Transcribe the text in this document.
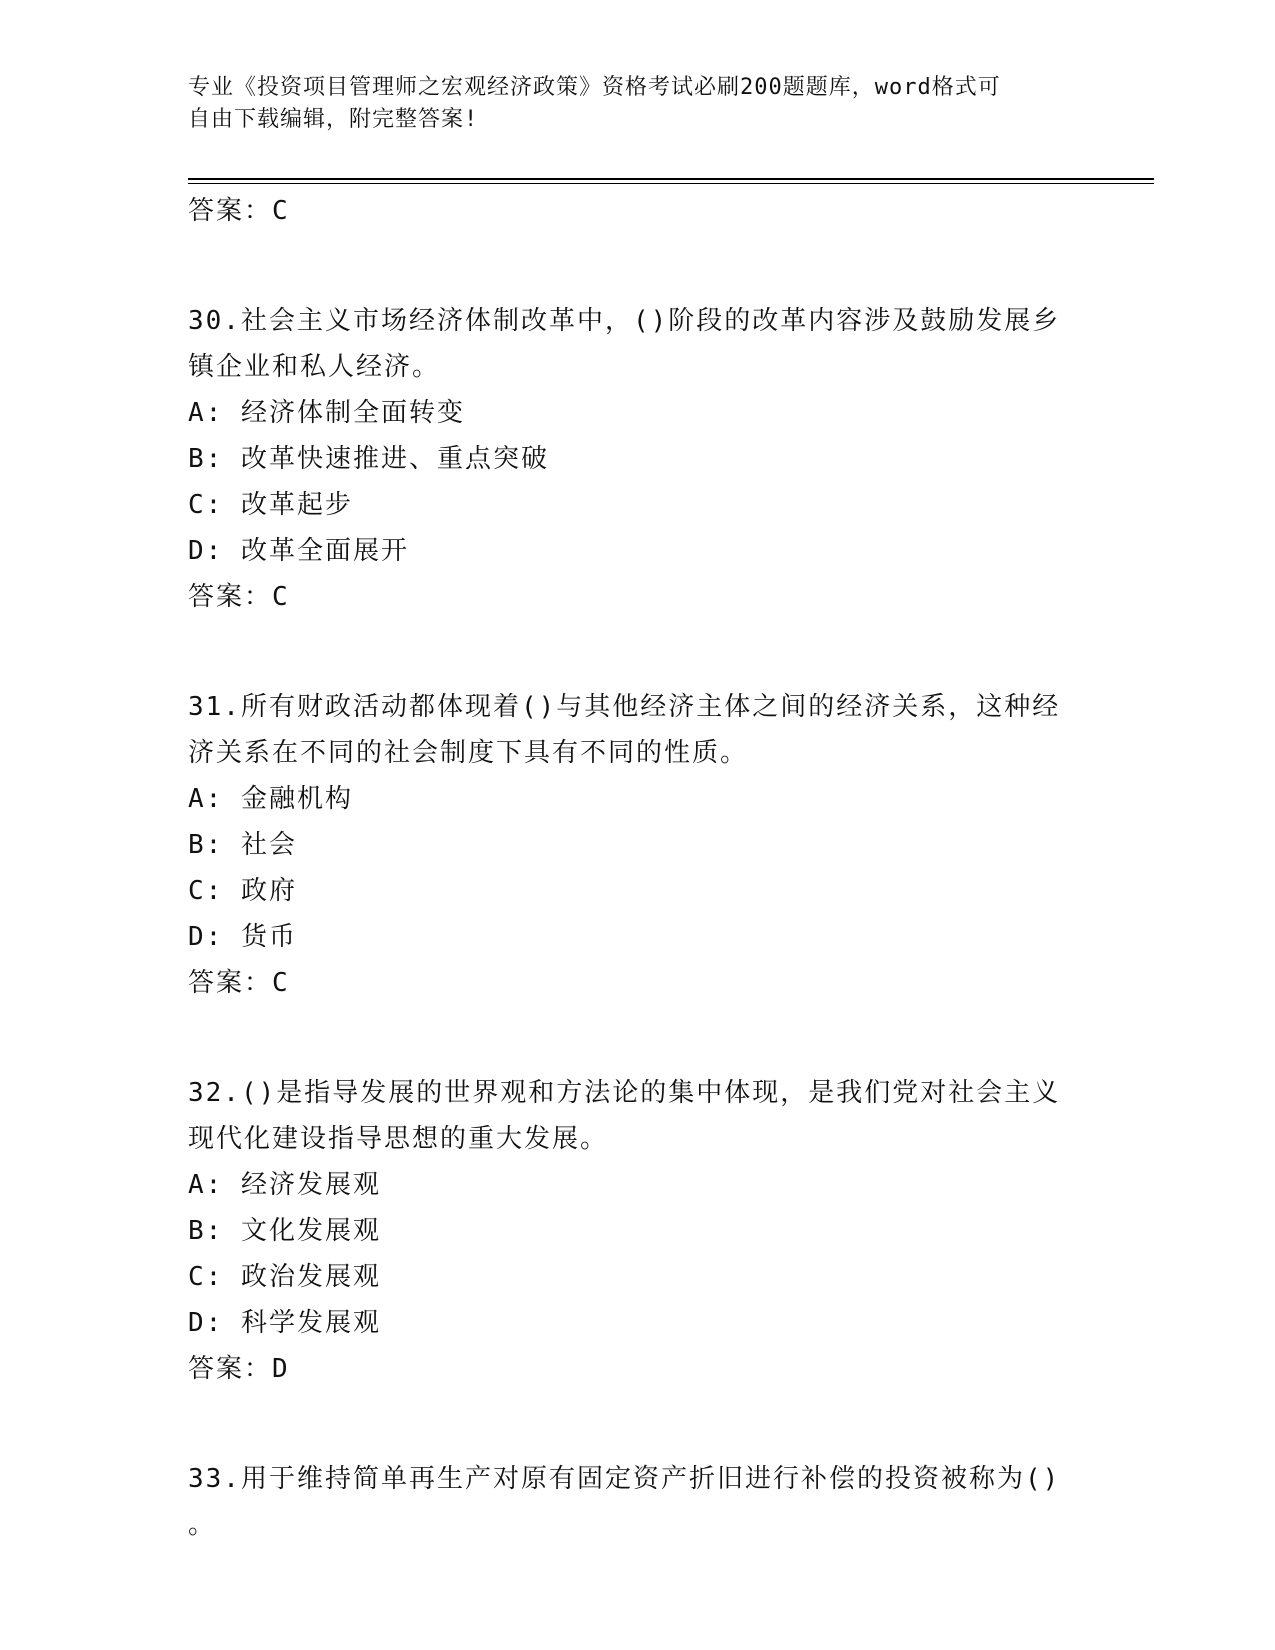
专业《投资项目管理师之宏观经济政策》资格考试必刷200题题库，word格式可
自由下载编辑，附完整答案!
答案：C
30.社会主义市场经济体制改革中，()阶段的改革内容涉及鼓励发展乡
镇企业和私人经济。
A: 经济体制全面转变
B: 改革快速推进、重点突破
C: 改革起步
D: 改革全面展开
答案：C
31.所有财政活动都体现着()与其他经济主体之间的经济关系，这种经
济关系在不同的社会制度下具有不同的性质。
A: 金融机构
B: 社会
C: 政府
D: 货币
答案：C
32.()是指导发展的世界观和方法论的集中体现，是我们党对社会主义
现代化建设指导思想的重大发展。
A: 经济发展观
B: 文化发展观
C: 政治发展观
D: 科学发展观
答案：D
33.用于维持简单再生产对原有固定资产折旧进行补偿的投资被称为()
。
